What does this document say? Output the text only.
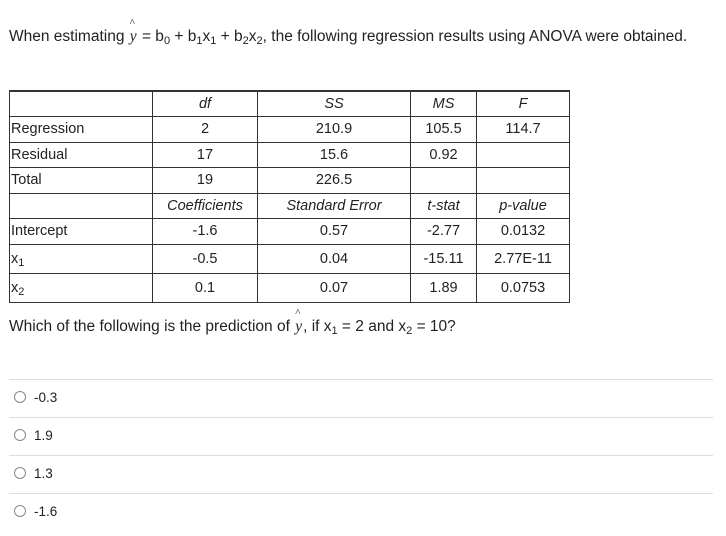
When estimating
^
$y = b_0 + b_1x_1 + b_2x_2$, the following regression results using ANOVA were obtained.
	df	SS	MS	F
Regression	2	210.9	105.5	114.7
Residual	17	15.6	0.92	
Total	19	226.5		
	Coefficients	Standard Error	t-stat	p-value
Intercept	-1.6	0.57	-2.77	0.0132
$x_1$	-0.5	0.04	-15.11	2.77E-11
$x_2$	0.1	0.07	1.89	0.0753
Which of the following is the prediction of
^
y, if $x_1 = 2$ and $x_2 = 10$?
-0.3
1.9
1.3
-1.6
